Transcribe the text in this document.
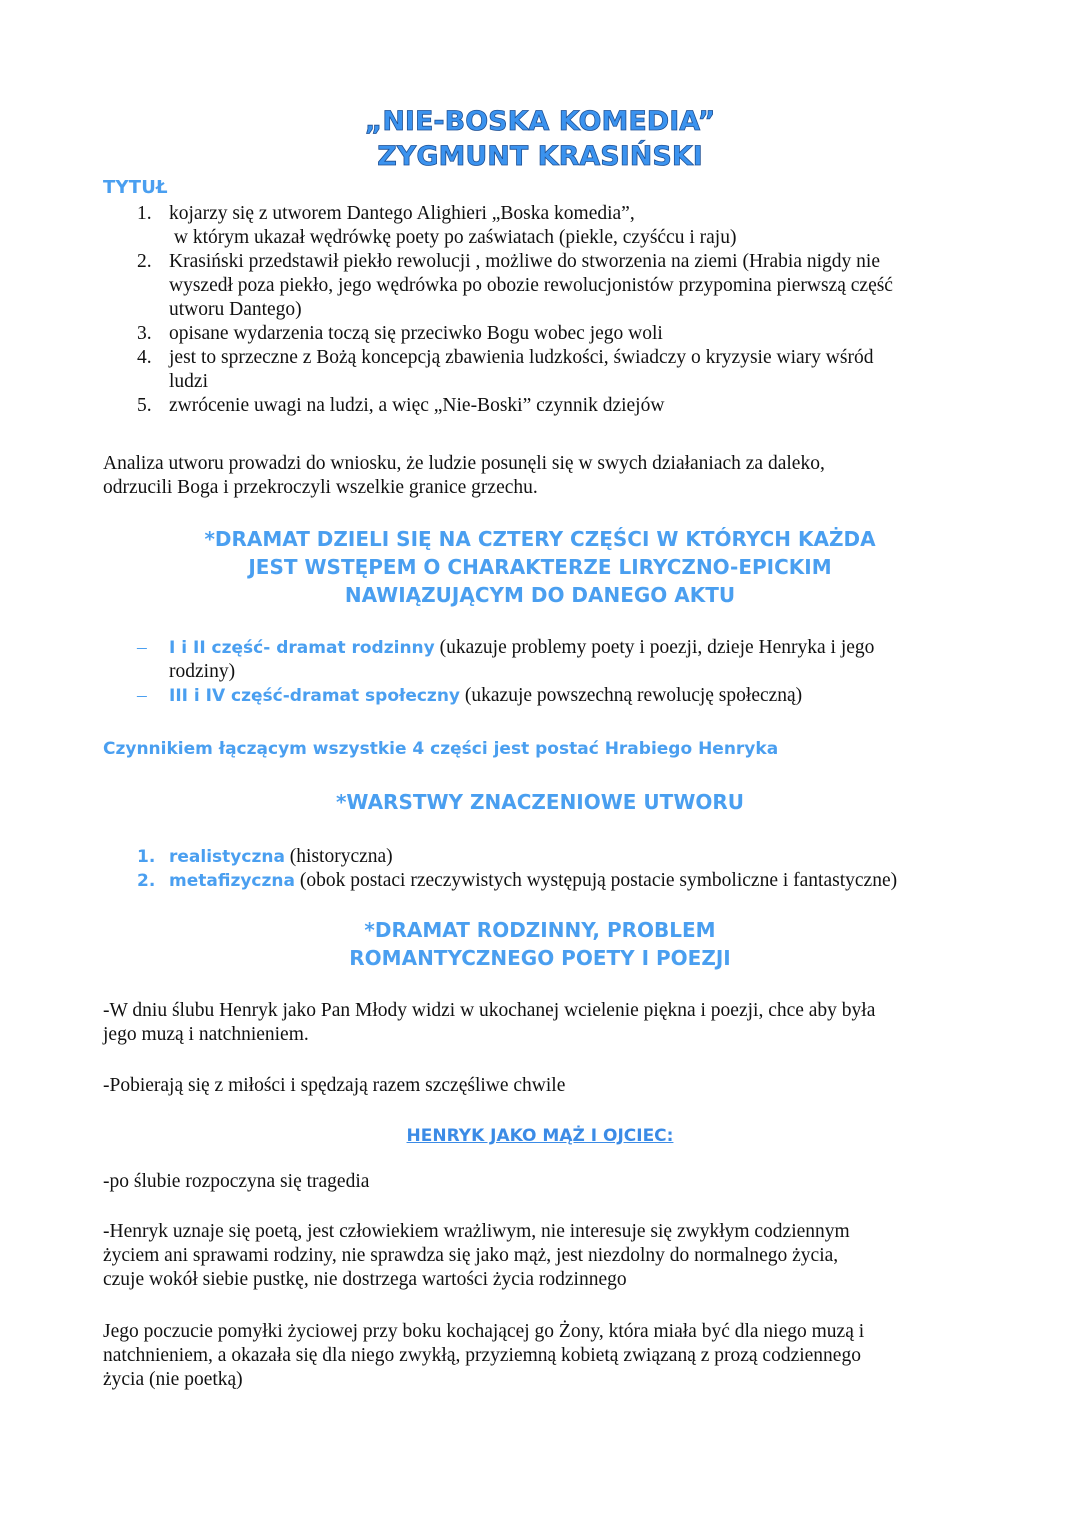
„NIE-BOSKA KOMEDIA”
ZYGMUNT KRASIŃSKI
TYTUŁ
1. kojarzy się z utworem Dantego Alighieri „Boska komedia”,
w którym ukazał wędrówkę poety po zaświatach (piekle, czyśćcu i raju)
2. Krasiński przedstawił piekło rewolucji , możliwe do stworzenia na ziemi (Hrabia nigdy nie
wyszedł poza piekło, jego wędrówka po obozie rewolucjonistów przypomina pierwszą część
utworu Dantego)
3. opisane wydarzenia toczą się przeciwko Bogu wobec jego woli
4. jest to sprzeczne z Bożą koncepcją zbawienia ludzkości, świadczy o kryzysie wiary wśród
ludzi
5. zwrócenie uwagi na ludzi, a więc „Nie-Boski” czynnik dziejów
Analiza utworu prowadzi do wniosku, że ludzie posunęli się w swych działaniach za daleko,
odrzucili Boga i przekroczyli wszelkie granice grzechu.
*DRAMAT DZIELI SIĘ NA CZTERY CZĘŚCI W KTÓRYCH KAŻDA
JEST WSTĘPEM O CHARAKTERZE LIRYCZNO-EPICKIM
NAWIĄZUJĄCYM DO DANEGO AKTU
– I i II część- dramat rodzinny (ukazuje problemy poety i poezji, dzieje Henryka i jego
rodziny)
– III i IV część-dramat społeczny (ukazuje powszechną rewolucję społeczną)
Czynnikiem łączącym wszystkie 4 części jest postać Hrabiego Henryka
*WARSTWY ZNACZENIOWE UTWORU
1. realistyczna (historyczna)
2. metafizyczna (obok postaci rzeczywistych występują postacie symboliczne i fantastyczne)
*DRAMAT RODZINNY, PROBLEM
ROMANTYCZNEGO POETY I POEZJI
-W dniu ślubu Henryk jako Pan Młody widzi w ukochanej wcielenie piękna i poezji, chce aby była
jego muzą i natchnieniem.
-Pobierają się z miłości i spędzają razem szczęśliwe chwile
HENRYK JAKO MĄŻ I OJCIEC:
-po ślubie rozpoczyna się tragedia
-Henryk uznaje się poetą, jest człowiekiem wrażliwym, nie interesuje się zwykłym codziennym
życiem ani sprawami rodziny, nie sprawdza się jako mąż, jest niezdolny do normalnego życia,
czuje wokół siebie pustkę, nie dostrzega wartości życia rodzinnego
Jego poczucie pomyłki życiowej przy boku kochającej go Żony, która miała być dla niego muzą i
natchnieniem, a okazała się dla niego zwykłą, przyziemną kobietą związaną z prozą codziennego
życia (nie poetką)
